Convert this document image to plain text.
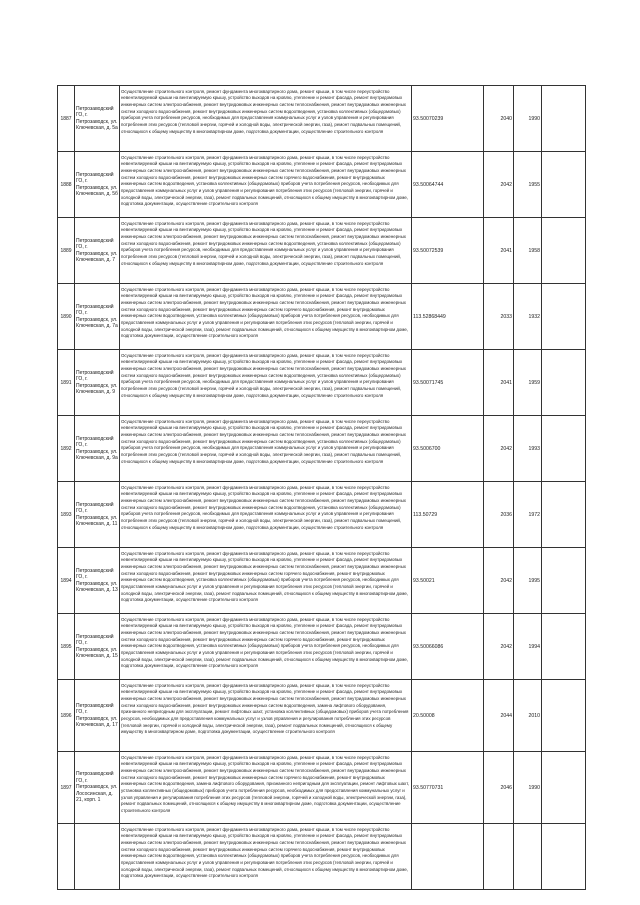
1887	Петрозаводский ГО, г. Петрозаводск, ул. Ключевская, д. 5а	Осуществление строительного контроля, ремонт фундамента многоквартирного дома, ремонт крыши, в том числе переустройство невентилируемой крыши на вентилируемую крышу, устройство выходов на кровлю, утепление и ремонт фасада, ремонт внутридомовых инженерных систем электроснабжения, ремонт внутридомовых инженерных систем теплоснабжения, ремонт внутридомовых инженерных систем холодного водоснабжения, ремонт внутридомовых инженерных систем водоотведения, установка коллективных (общедомовых) приборов учета потребления ресурсов, необходимых для предоставления коммунальных услуг и узлов управления и регулирования потребления этих ресурсов (тепловой энергии, горячей и холодной воды, электрической энергии, газа), ремонт подвальных помещений, относящихся к общему имуществу в многоквартирном доме, подготовка документации, осуществление строительного контроля	93.50070239	2040	1990	
1888	Петрозаводский ГО, г. Петрозаводск, ул. Ключевская, д. 5б	Осуществление строительного контроля, ремонт фундамента многоквартирного дома, ремонт крыши, в том числе переустройство невентилируемой крыши на вентилируемую крышу, устройство выходов на кровлю, утепление и ремонт фасада, ремонт внутридомовых инженерных систем электроснабжения, ремонт внутридомовых инженерных систем теплоснабжения, ремонт внутридомовых инженерных систем холодного водоснабжения, ремонт внутридомовых инженерных систем горячего водоснабжения, ремонт внутридомовых инженерных систем водоотведения, установка коллективных (общедомовых) приборов учета потребления ресурсов, необходимых для предоставления коммунальных услуг и узлов управления и регулирования потребления этих ресурсов (тепловой энергии, горячей и холодной воды, электрической энергии, газа), ремонт подвальных помещений, относящихся к общему имуществу в многоквартирном доме, подготовка документации, осуществление строительного контроля	93.50064744	2042	1955	
1889	Петрозаводский ГО, г. Петрозаводск, ул. Ключевская, д. 7	Осуществление строительного контроля, ремонт фундамента многоквартирного дома, ремонт крыши, в том числе переустройство невентилируемой крыши на вентилируемую крышу, устройство выходов на кровлю, утепление и ремонт фасада, ремонт внутридомовых инженерных систем электроснабжения, ремонт внутридомовых инженерных систем теплоснабжения, ремонт внутридомовых инженерных систем холодного водоснабжения, ремонт внутридомовых инженерных систем водоотведения, установка коллективных (общедомовых) приборов учета потребления ресурсов, необходимых для предоставления коммунальных услуг и узлов управления и регулирования потребления этих ресурсов (тепловой энергии, горячей и холодной воды, электрической энергии, газа), ремонт подвальных помещений, относящихся к общему имуществу в многоквартирном доме, подготовка документации, осуществление строительного контроля	93.50072539	2041	1958	
1890	Петрозаводский ГО, г. Петрозаводск, ул. Ключевская, д. 7а	Осуществление строительного контроля, ремонт фундамента многоквартирного дома, ремонт крыши, в том числе переустройство невентилируемой крыши на вентилируемую крышу, устройство выходов на кровлю, утепление и ремонт фасада, ремонт внутридомовых инженерных систем электроснабжения, ремонт внутридомовых инженерных систем теплоснабжения, ремонт внутридомовых инженерных систем холодного водоснабжения, ремонт внутридомовых инженерных систем горячего водоснабжения, ремонт внутридомовых инженерных систем водоотведения, установка коллективных (общедомовых) приборов учета потребления ресурсов, необходимых для предоставления коммунальных услуг и узлов управления и регулирования потребления этих ресурсов (тепловой энергии, горячей и холодной воды, электрической энергии, газа), ремонт подвальных помещений, относящихся к общему имуществу в многоквартирном доме, подготовка документации, осуществление строительного контроля	113.52868449	2033	1932	
1891	Петрозаводский ГО, г. Петрозаводск, ул. Ключевская, д. 9	Осуществление строительного контроля, ремонт фундамента многоквартирного дома, ремонт крыши, в том числе переустройство невентилируемой крыши на вентилируемую крышу, устройство выходов на кровлю, утепление и ремонт фасада, ремонт внутридомовых инженерных систем электроснабжения, ремонт внутридомовых инженерных систем теплоснабжения, ремонт внутридомовых инженерных систем холодного водоснабжения, ремонт внутридомовых инженерных систем водоотведения, установка коллективных (общедомовых) приборов учета потребления ресурсов, необходимых для предоставления коммунальных услуг и узлов управления и регулирования потребления этих ресурсов (тепловой энергии, горячей и холодной воды, электрической энергии, газа), ремонт подвальных помещений, относящихся к общему имуществу в многоквартирном доме, подготовка документации, осуществление строительного контроля	93.50071745	2041	1959	
1892	Петрозаводский ГО, г. Петрозаводск, ул. Ключевская, д. 9а	Осуществление строительного контроля, ремонт фундамента многоквартирного дома, ремонт крыши, в том числе переустройство невентилируемой крыши на вентилируемую крышу, устройство выходов на кровлю, утепление и ремонт фасада, ремонт внутридомовых инженерных систем электроснабжения, ремонт внутридомовых инженерных систем теплоснабжения, ремонт внутридомовых инженерных систем холодного водоснабжения, ремонт внутридомовых инженерных систем водоотведения, установка коллективных (общедомовых) приборов учета потребления ресурсов, необходимых для предоставления коммунальных услуг и узлов управления и регулирования потребления этих ресурсов (тепловой энергии, горячей и холодной воды, электрической энергии, газа), ремонт подвальных помещений, относящихся к общему имуществу в многоквартирном доме, подготовка документации, осуществление строительного контроля	93.5006700	2042	1993	
1893	Петрозаводский ГО, г. Петрозаводск, ул. Ключевская, д. 11	Осуществление строительного контроля, ремонт фундамента многоквартирного дома, ремонт крыши, в том числе переустройство невентилируемой крыши на вентилируемую крышу, устройство выходов на кровлю, утепление и ремонт фасада, ремонт внутридомовых инженерных систем электроснабжения, ремонт внутридомовых инженерных систем теплоснабжения, ремонт внутридомовых инженерных систем холодного водоснабжения, ремонт внутридомовых инженерных систем водоотведения, установка коллективных (общедомовых) приборов учета потребления ресурсов, необходимых для предоставления коммунальных услуг и узлов управления и регулирования потребления этих ресурсов (тепловой энергии, горячей и холодной воды, электрической энергии, газа), ремонт подвальных помещений, относящихся к общему имуществу в многоквартирном доме, подготовка документации, осуществление строительного контроля	113.50729	2036	1972	
1894	Петрозаводский ГО, г. Петрозаводск, ул. Ключевская, д. 13	Осуществление строительного контроля, ремонт фундамента многоквартирного дома, ремонт крыши, в том числе переустройство невентилируемой крыши на вентилируемую крышу, устройство выходов на кровлю, утепление и ремонт фасада, ремонт внутридомовых инженерных систем электроснабжения, ремонт внутридомовых инженерных систем теплоснабжения, ремонт внутридомовых инженерных систем холодного водоснабжения, ремонт внутридомовых инженерных систем горячего водоснабжения, ремонт внутридомовых инженерных систем водоотведения, установка коллективных (общедомовых) приборов учета потребления ресурсов, необходимых для предоставления коммунальных услуг и узлов управления и регулирования потребления этих ресурсов (тепловой энергии, горячей и холодной воды, электрической энергии, газа), ремонт подвальных помещений, относящихся к общему имуществу в многоквартирном доме, подготовка документации, осуществление строительного контроля	93.50021	2042	1995	
1895	Петрозаводский ГО, г. Петрозаводск, ул. Ключевская, д. 15	Осуществление строительного контроля, ремонт фундамента многоквартирного дома, ремонт крыши, в том числе переустройство невентилируемой крыши на вентилируемую крышу, устройство выходов на кровлю, утепление и ремонт фасада, ремонт внутридомовых инженерных систем электроснабжения, ремонт внутридомовых инженерных систем теплоснабжения, ремонт внутридомовых инженерных систем холодного водоснабжения, ремонт внутридомовых инженерных систем горячего водоснабжения, ремонт внутридомовых инженерных систем водоотведения, установка коллективных (общедомовых) приборов учета потребления ресурсов, необходимых для предоставления коммунальных услуг и узлов управления и регулирования потребления этих ресурсов (тепловой энергии, горячей и холодной воды, электрической энергии, газа), ремонт подвальных помещений, относящихся к общему имуществу в многоквартирном доме, подготовка документации, осуществление строительного контроля	93.50066086	2042	1994	
1896	Петрозаводский ГО, г. Петрозаводск, ул. Ключевская, д. 17	Осуществление строительного контроля, ремонт фундамента многоквартирного дома, ремонт крыши, в том числе переустройство невентилируемой крыши на вентилируемую крышу, устройство выходов на кровлю, утепление и ремонт фасада, ремонт внутридомовых инженерных систем электроснабжения, ремонт внутридомовых инженерных систем теплоснабжения, ремонт внутридомовых инженерных систем холодного водоснабжения, ремонт внутридомовых инженерных систем водоотведения, замена лифтового оборудования, признанного непригодным для эксплуатации, ремонт лифтовых шахт, установка коллективных (общедомовых) приборов учета потребления ресурсов, необходимых для предоставления коммунальных услуг и узлов управления и регулирования потребления этих ресурсов (тепловой энергии, горячей и холодной воды, электрической энергии, газа), ремонт подвальных помещений, относящихся к общему имуществу в многоквартирном доме, подготовка документации, осуществление строительного контроля	20.50008	2044	2010	
1897	Петрозаводский ГО, г. Петрозаводск, ул. Лососинская, д. 21, корп. 1	Осуществление строительного контроля, ремонт фундамента многоквартирного дома, ремонт крыши, в том числе переустройство невентилируемой крыши на вентилируемую крышу, устройство выходов на кровлю, утепление и ремонт фасада, ремонт внутридомовых инженерных систем электроснабжения, ремонт внутридомовых инженерных систем теплоснабжения, ремонт внутридомовых инженерных систем холодного водоснабжения, ремонт внутридомовых инженерных систем горячего водоснабжения, ремонт внутридомовых инженерных систем водоотведения, замена лифтового оборудования, признанного непригодным для эксплуатации, ремонт лифтовых шахт, установка коллективных (общедомовых) приборов учета потребления ресурсов, необходимых для предоставления коммунальных услуг и узлов управления и регулирования потребления этих ресурсов (тепловой энергии, горячей и холодной воды, электрической энергии, газа), ремонт подвальных помещений, относящихся к общему имуществу в многоквартирном доме, подготовка документации, осуществление строительного контроля	93.50770731	2046	1990	

		Осуществление строительного контроля, ремонт фундамента многоквартирного дома, ремонт крыши, в том числе переустройство невентилируемой крыши на вентилируемую крышу, устройство выходов на кровлю, утепление и ремонт фасада, ремонт внутридомовых инженерных систем электроснабжения, ремонт внутридомовых инженерных систем теплоснабжения, ремонт внутридомовых инженерных систем холодного водоснабжения, ремонт внутридомовых инженерных систем горячего водоснабжения, ремонт внутридомовых инженерных систем водоотведения, установка коллективных (общедомовых) приборов учета потребления ресурсов, необходимых для предоставления коммунальных услуг и узлов управления и регулирования потребления этих ресурсов (тепловой энергии, горячей и холодной воды, электрической энергии, газа), ремонт подвальных помещений, относящихся к общему имуществу в многоквартирном доме, подготовка документации, осуществление строительного контроля				
